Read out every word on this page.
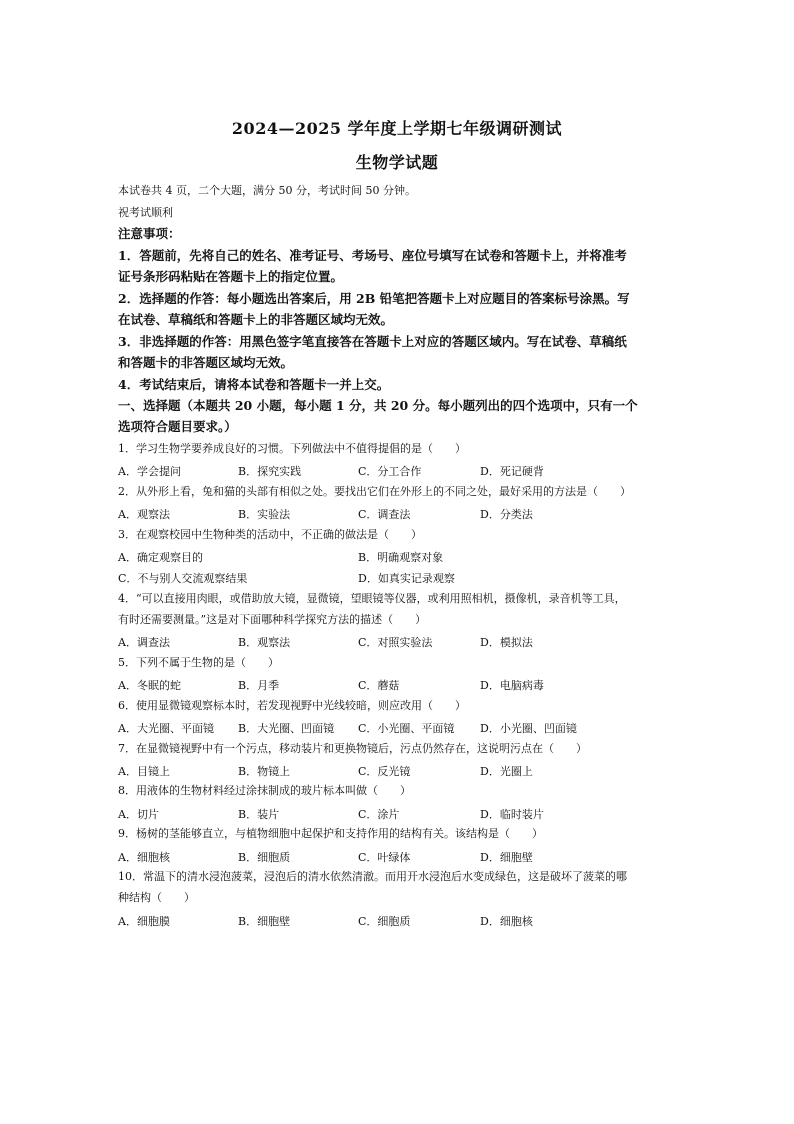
2024—2025 学年度上学期七年级调研测试
生物学试题
本试卷共 4 页，二个大题，满分 50 分，考试时间 50 分钟。
祝考试顺利
注意事项：
1．答题前，先将自己的姓名、准考证号、考场号、座位号填写在试卷和答题卡上，并将准考
证号条形码粘贴在答题卡上的指定位置。
2．选择题的作答：每小题选出答案后，用 2B 铅笔把答题卡上对应题目的答案标号涂黑。写
在试卷、草稿纸和答题卡上的非答题区域均无效。
3．非选择题的作答：用黑色签字笔直接答在答题卡上对应的答题区域内。写在试卷、草稿纸
和答题卡的非答题区域均无效。
4．考试结束后，请将本试卷和答题卡一并上交。
一、选择题（本题共 20 小题，每小题 1 分，共 20 分。每小题列出的四个选项中，只有一个
选项符合题目要求。）
1．学习生物学要养成良好的习惯。下列做法中不值得提倡的是（　　）
A．学会提问	B．探究实践	C．分工合作	D．死记硬背
2．从外形上看，兔和猫的头部有相似之处。要找出它们在外形上的不同之处，最好采用的方法是（　　）
A．观察法	B．实验法	C．调查法	D．分类法
3．在观察校园中生物种类的活动中，不正确的做法是（　　）
A．确定观察目的	B．明确观察对象
C．不与别人交流观察结果	D．如真实记录观察
4．“可以直接用肉眼，或借助放大镜，显微镜，望眼镜等仪器，或利用照相机，摄像机，录音机等工具，
有时还需要测量。”这是对下面哪种科学探究方法的描述（　　）
A．调查法	B．观察法	C．对照实验法	D．模拟法
5．下列不属于生物的是（　　）
A．冬眠的蛇	B．月季	C．蘑菇	D．电脑病毒
6．使用显微镜观察标本时，若发现视野中光线较暗，则应改用（　　）
A．大光圈、平面镜 B．大光圈、凹面镜 C．小光圈、平面镜 D．小光圈、凹面镜
7．在显微镜视野中有一个污点，移动装片和更换物镜后，污点仍然存在，这说明污点在（　　）
A．目镜上	B．物镜上	C．反光镜	D．光圈上
8．用液体的生物材料经过涂抹制成的玻片标本叫做（　　）
A．切片	B．装片	C．涂片	D．临时装片
9．杨树的茎能够直立，与植物细胞中起保护和支持作用的结构有关。该结构是（　　）
A．细胞核	B．细胞质	C．叶绿体	D．细胞壁
10．常温下的清水浸泡菠菜，浸泡后的清水依然清澈。而用开水浸泡后水变成绿色，这是破坏了菠菜的哪
种结构（　　）
A．细胞膜	B．细胞壁	C．细胞质	D．细胞核
